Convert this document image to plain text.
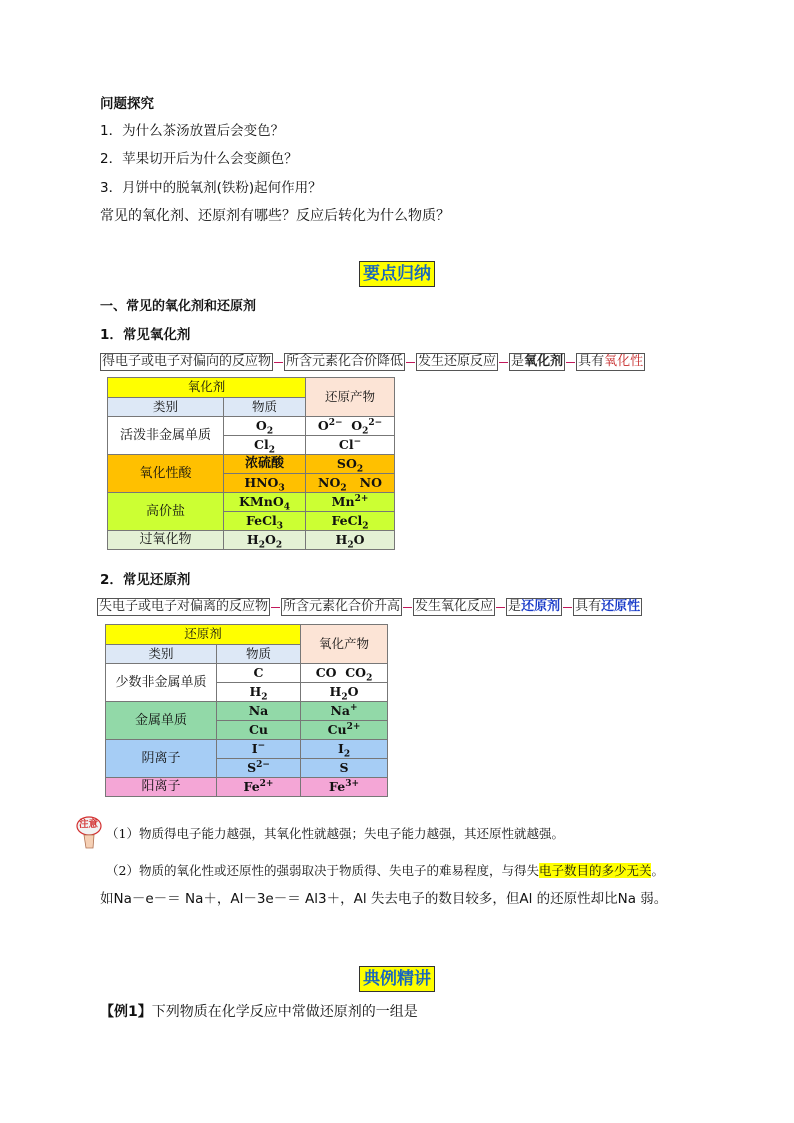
问题探究
1．为什么茶汤放置后会变色？
2．苹果切开后为什么会变颜色？
3．月饼中的脱氧剂(铁粉)起何作用？
常见的氧化剂、还原剂有哪些？反应后转化为什么物质？
要点归纳
一、常见的氧化剂和还原剂
1．常见氧化剂
得电子或电子对偏向的反应物 所含元素化合价降低 发生还原反应 是氧化剂 具有氧化性
氧化剂		还原产物
类别	物质	
活泼非金属单质	$O_2$	$O^{2-}$  $O_2^{2-}$
	$Cl_2$	Cl−
氧化性酸	浓硫酸	$SO_2$
	$HNO_3$	$NO_2$   NO
高价盐	KMnO$_4$	$Mn^{2+}$
	FeCl$_3$	FeCl$_2$
过氧化物	$H_2O_2$	$H_2O$
2．常见还原剂
失电子或电子对偏离的反应物 所含元素化合价升高 发生氧化反应 是还原剂 具有还原性
还原剂		氧化产物
类别	物质	
少数非金属单质	C	CO  $CO_2$
	$H_2$	$H_2O$
金属单质	Na	Na+
	Cu	$Cu^{2+}$
阴离子	I−	$I_2$
	$S^{2-}$	S
阳离子	$Fe^{2+}$	$Fe^{3+}$
注意
（1）物质得电子能力越强，其氧化性就越强；失电子能力越强，其还原性就越强。
（2）物质的氧化性或还原性的强弱取决于物质得、失电子的难易程度，与得失电子数目的多少无关。
如Na－e－＝ Na＋，Al－3e－＝ Al3＋，Al 失去电子的数目较多，但Al 的还原性却比Na 弱。
典例精讲
【例1】下列物质在化学反应中常做还原剂的一组是
